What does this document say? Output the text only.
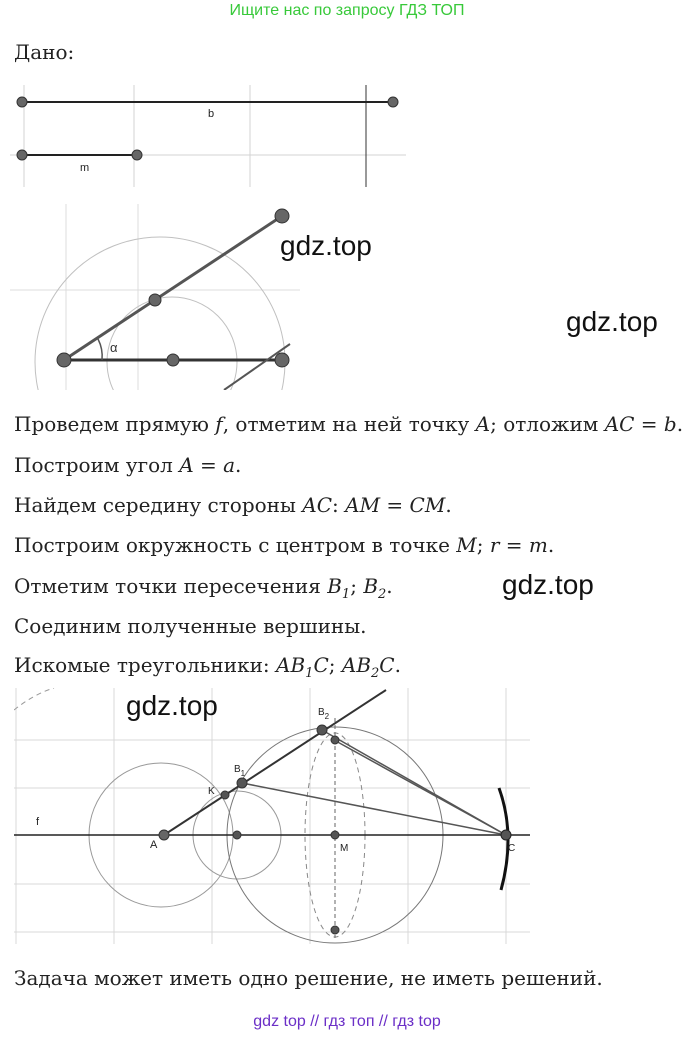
Ищите нас по запросу ГДЗ ТОП
Дано:
b
m
α
gdz.top
gdz.top
Проведем прямую f, отметим на ней точку A; отложим AC = b.
Построим угол A = a.
Найдем середину стороны AC: AM = CM.
Построим окружность с центром в точке M; r = m.
Отметим точки пересечения $B_1$; $B_2$.	gdz.top
Соединим полученные вершины.
Искомые треугольники: $AB_1C$; $AB_2C$.
f
A
K
$B_1$
$B_2$
M	C
gdz.top
Задача может иметь одно решение, не иметь решений.
gdz top // гдз топ // гдз top
